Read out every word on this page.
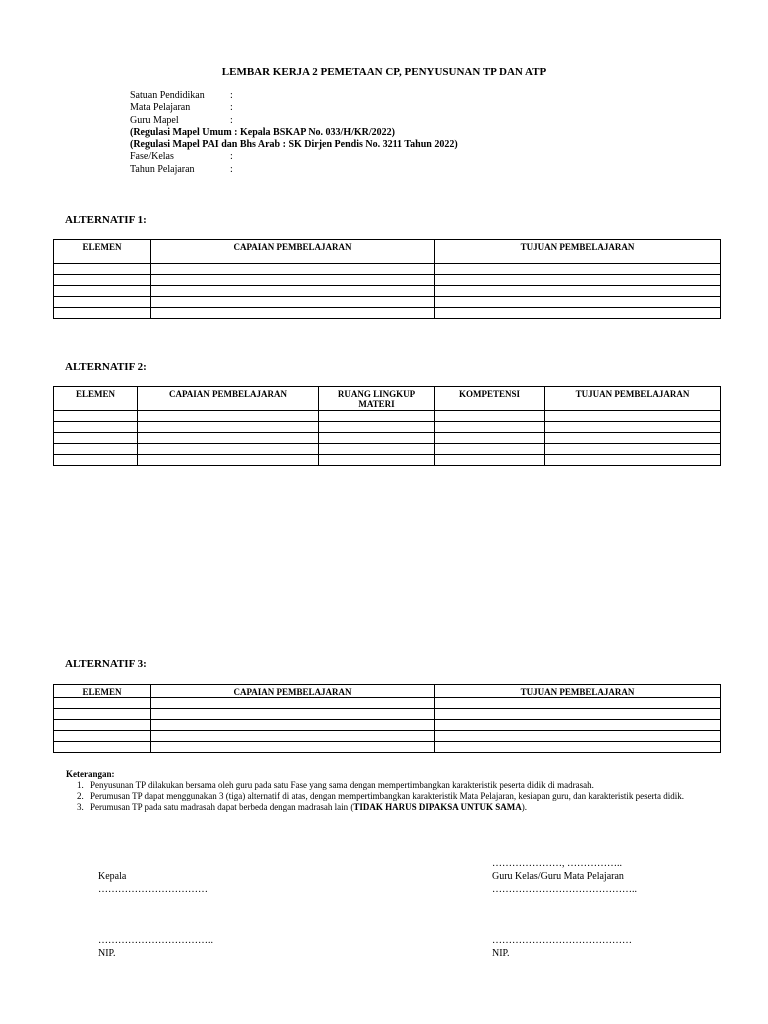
LEMBAR KERJA 2 PEMETAAN CP, PENYUSUNAN TP DAN ATP
Satuan Pendidikan	:
Mata Pelajaran	:
Guru Mapel	:
(Regulasi Mapel Umum : Kepala BSKAP No. 033/H/KR/2022)
(Regulasi Mapel PAI dan Bhs Arab : SK Dirjen Pendis No. 3211 Tahun 2022)
Fase/Kelas	:
Tahun Pelajaran	:
ALTERNATIF 1:
ELEMEN	CAPAIAN PEMBELAJARAN	TUJUAN PEMBELAJARAN

ALTERNATIF 2:
ELEMEN	CAPAIAN PEMBELAJARAN	RUANG LINGKUP MATERI	KOMPETENSI	TUJUAN PEMBELAJARAN

ALTERNATIF 3:
ELEMEN	CAPAIAN PEMBELAJARAN	TUJUAN PEMBELAJARAN

Keterangan:
1. Penyusunan TP dilakukan bersama oleh guru pada satu Fase yang sama dengan mempertimbangkan karakteristik peserta didik di madrasah.
2. Perumusan TP dapat menggunakan 3 (tiga) alternatif di atas, dengan mempertimbangkan karakteristik Mata Pelajaran, kesiapan guru, dan karakteristik peserta didik.
3. Perumusan TP pada satu madrasah dapat berbeda dengan madrasah lain (TIDAK HARUS DIPAKSA UNTUK SAMA).
Kepala
……………………………
……………………………..
NIP.
…………………, ……………..
Guru Kelas/Guru Mata Pelajaran
……………………………………..
……………………………………
NIP.
